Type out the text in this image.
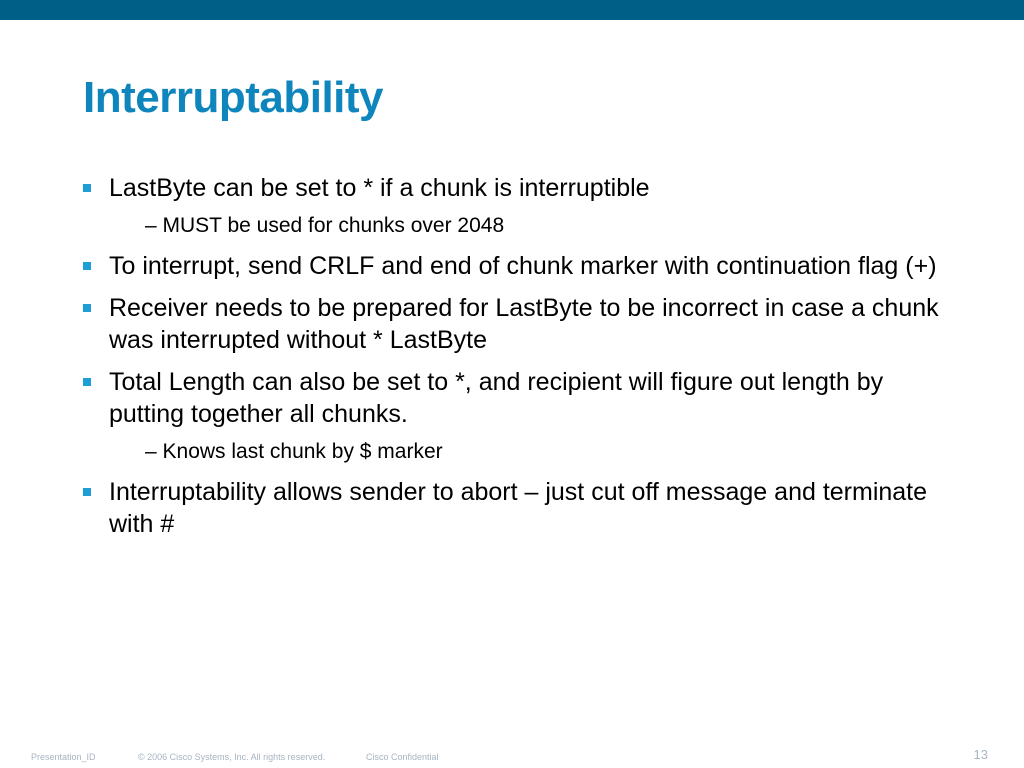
Interruptability
LastByte can be set to * if a chunk is interruptible
– MUST be used for chunks over 2048
To interrupt, send CRLF and end of chunk marker with continuation flag (+)
Receiver needs to be prepared for LastByte to be incorrect in case a chunk was interrupted without * LastByte
Total Length can also be set to *, and recipient will figure out length by putting together all chunks.
– Knows last chunk by $ marker
Interruptability allows sender to abort – just cut off message and terminate with #
Presentation_ID	© 2006 Cisco Systems, Inc. All rights reserved.	Cisco Confidential	13
